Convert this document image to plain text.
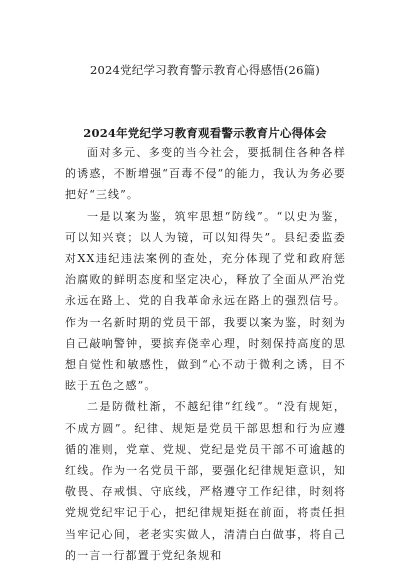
2024党纪学习教育警示教育心得感悟(26篇)
2024年党纪学习教育观看警示教育片心得体会

面对多元、多变的当今社会，要抵制住各种各样的诱惑，不断增强“百毒不侵”的能力，我认为务必要把好“三线”。

一是以案为鉴，筑牢思想“防线”。“以史为鉴，可以知兴衰；以人为镜，可以知得失”。县纪委监委对XX违纪违法案例的查处，充分体现了党和政府惩治腐败的鲜明态度和坚定决心，释放了全面从严治党永远在路上、党的自我革命永远在路上的强烈信号。作为一名新时期的党员干部，我要以案为鉴，时刻为自己敲响警钟，要摈弃侥幸心理，时刻保持高度的思想自觉性和敏感性，做到“心不动于微利之诱，目不眩于五色之感”。

二是防微杜渐，不越纪律“红线”。“没有规矩，不成方圆”。纪律、规矩是党员干部思想和行为应遵循的准则，党章、党规、党纪是党员干部不可逾越的红线。作为一名党员干部，要强化纪律规矩意识，知敬畏、存戒惧、守底线，严格遵守工作纪律，时刻将党规党纪牢记于心，把纪律规矩挺在前面，将责任担当牢记心间，老老实实做人，清清白白做事，将自己的一言一行都置于党纪条规和
